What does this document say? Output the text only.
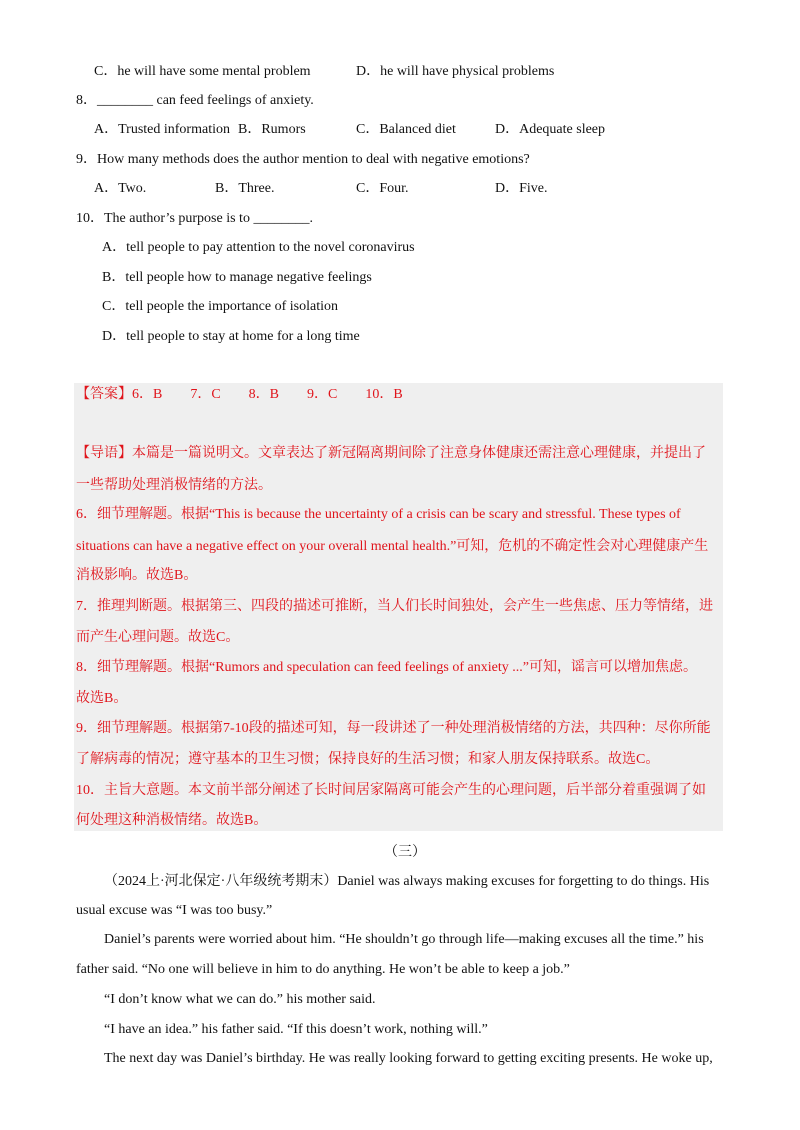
C．he will have some mental problem	D．he will have physical problems
8．________ can feed feelings of anxiety.
A．Trusted information B．Rumors	C．Balanced diet	D．Adequate sleep
9．How many methods does the author mention to deal with negative emotions?
A．Two.	B．Three.	C．Four.	D．Five.
10．The author’s purpose is to ________.
A．tell people to pay attention to the novel coronavirus
B．tell people how to manage negative feelings
C．tell people the importance of isolation
D．tell people to stay at home for a long time
【答案】6．B　　7．C　　8．B　　9．C　　10．B
【导语】本篇是一篇说明文。文章表达了新冠隔离期间除了注意身体健康还需注意心理健康，并提出了
一些帮助处理消极情绪的方法。
6．细节理解题。根据“This is because the uncertainty of a crisis can be scary and stressful. These types of
situations can have a negative effect on your overall mental health.”可知，危机的不确定性会对心理健康产生
消极影响。故选B。
7．推理判断题。根据第三、四段的描述可推断，当人们长时间独处，会产生一些焦虑、压力等情绪，进
而产生心理问题。故选C。
8．细节理解题。根据“Rumors and speculation can feed feelings of anxiety ...”可知，谣言可以增加焦虑。
故选B。
9．细节理解题。根据第7-10段的描述可知，每一段讲述了一种处理消极情绪的方法，共四种：尽你所能
了解病毒的情况；遵守基本的卫生习惯；保持良好的生活习惯；和家人朋友保持联系。故选C。
10．主旨大意题。本文前半部分阐述了长时间居家隔离可能会产生的心理问题，后半部分着重强调了如
何处理这种消极情绪。故选B。
（三）
（2024上·河北保定·八年级统考期末）Daniel was always making excuses for forgetting to do things. His
usual excuse was “I was too busy.”
Daniel’s parents were worried about him. “He shouldn’t go through life—making excuses all the time.” his
father said. “No one will believe in him to do anything. He won’t be able to keep a job.”
“I don’t know what we can do.” his mother said.
“I have an idea.” his father said. “If this doesn’t work, nothing will.”
The next day was Daniel’s birthday. He was really looking forward to getting exciting presents. He woke up,
